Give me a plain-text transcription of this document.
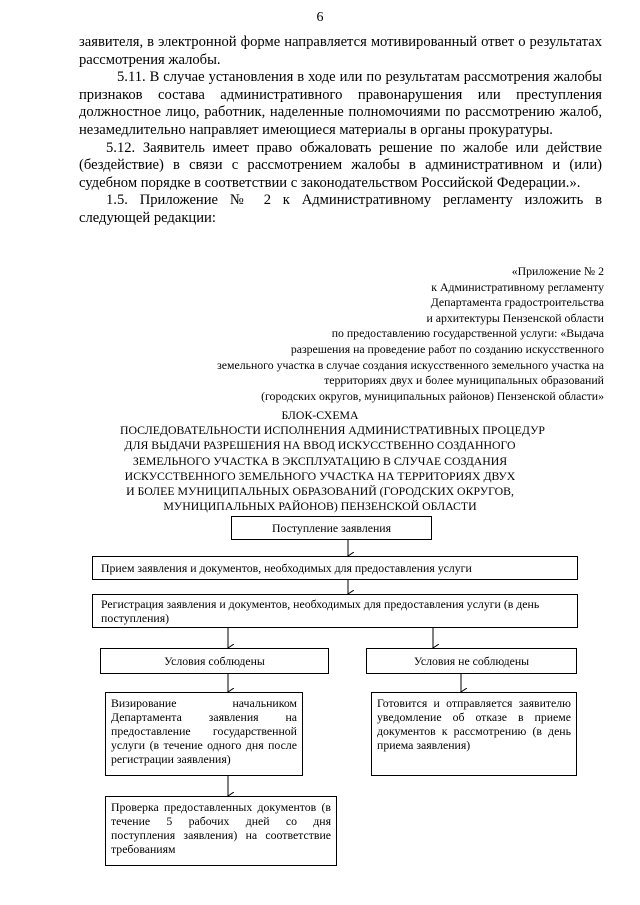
6

заявителя, в электронной форме направляется мотивированный ответ о результатах рассмотрения жалобы.

5.11. В случае установления в ходе или по результатам рассмотрения жалобы признаков состава административного правонарушения или преступления должностное лицо, работник, наделенные полномочиями по рассмотрению жалоб, незамедлительно направляет имеющиеся материалы в органы прокуратуры.

5.12. Заявитель имеет право обжаловать решение по жалобе или действие (бездействие) в связи с рассмотрением жалобы в административном и (или) судебном порядке в соответствии с законодательством Российской Федерации.».

1.5. Приложение № 2 к Административному регламенту изложить в следующей редакции:

«Приложение № 2
к Административному регламенту
Департамента градостроительства
и архитектуры Пензенской области
по предоставлению государственной услуги: «Выдача
разрешения на проведение работ по созданию искусственного
земельного участка в случае создания искусственного земельного участка на
территориях двух и более муниципальных образований
(городских округов, муниципальных районов) Пензенской области»
БЛОК-СХЕМА
ПОСЛЕДОВАТЕЛЬНОСТИ ИСПОЛНЕНИЯ АДМИНИСТРАТИВНЫХ ПРОЦЕДУР
ДЛЯ ВЫДАЧИ РАЗРЕШЕНИЯ НА ВВОД ИСКУССТВЕННО СОЗДАННОГО
ЗЕМЕЛЬНОГО УЧАСТКА В ЭКСПЛУАТАЦИЮ В СЛУЧАЕ СОЗДАНИЯ
ИСКУССТВЕННОГО ЗЕМЕЛЬНОГО УЧАСТКА НА ТЕРРИТОРИЯХ ДВУХ
И БОЛЕЕ МУНИЦИПАЛЬНЫХ ОБРАЗОВАНИЙ (ГОРОДСКИХ ОКРУГОВ,
МУНИЦИПАЛЬНЫХ РАЙОНОВ) ПЕНЗЕНСКОЙ ОБЛАСТИ
Поступление заявления
Прием заявления и документов, необходимых для предоставления услуги
Регистрация заявления и документов, необходимых для предоставления услуги (в день поступления)
Условия соблюдены	Условия не соблюдены
Визирование начальником Департамента заявления на предоставление государственной услуги (в течение одного дня после регистрации заявления)
Готовится и отправляется заявителю уведомление об отказе в приеме документов к рассмотрению (в день приема заявления)
Проверка предоставленных документов (в течение 5 рабочих дней со дня поступления заявления) на соответствие требованиям
